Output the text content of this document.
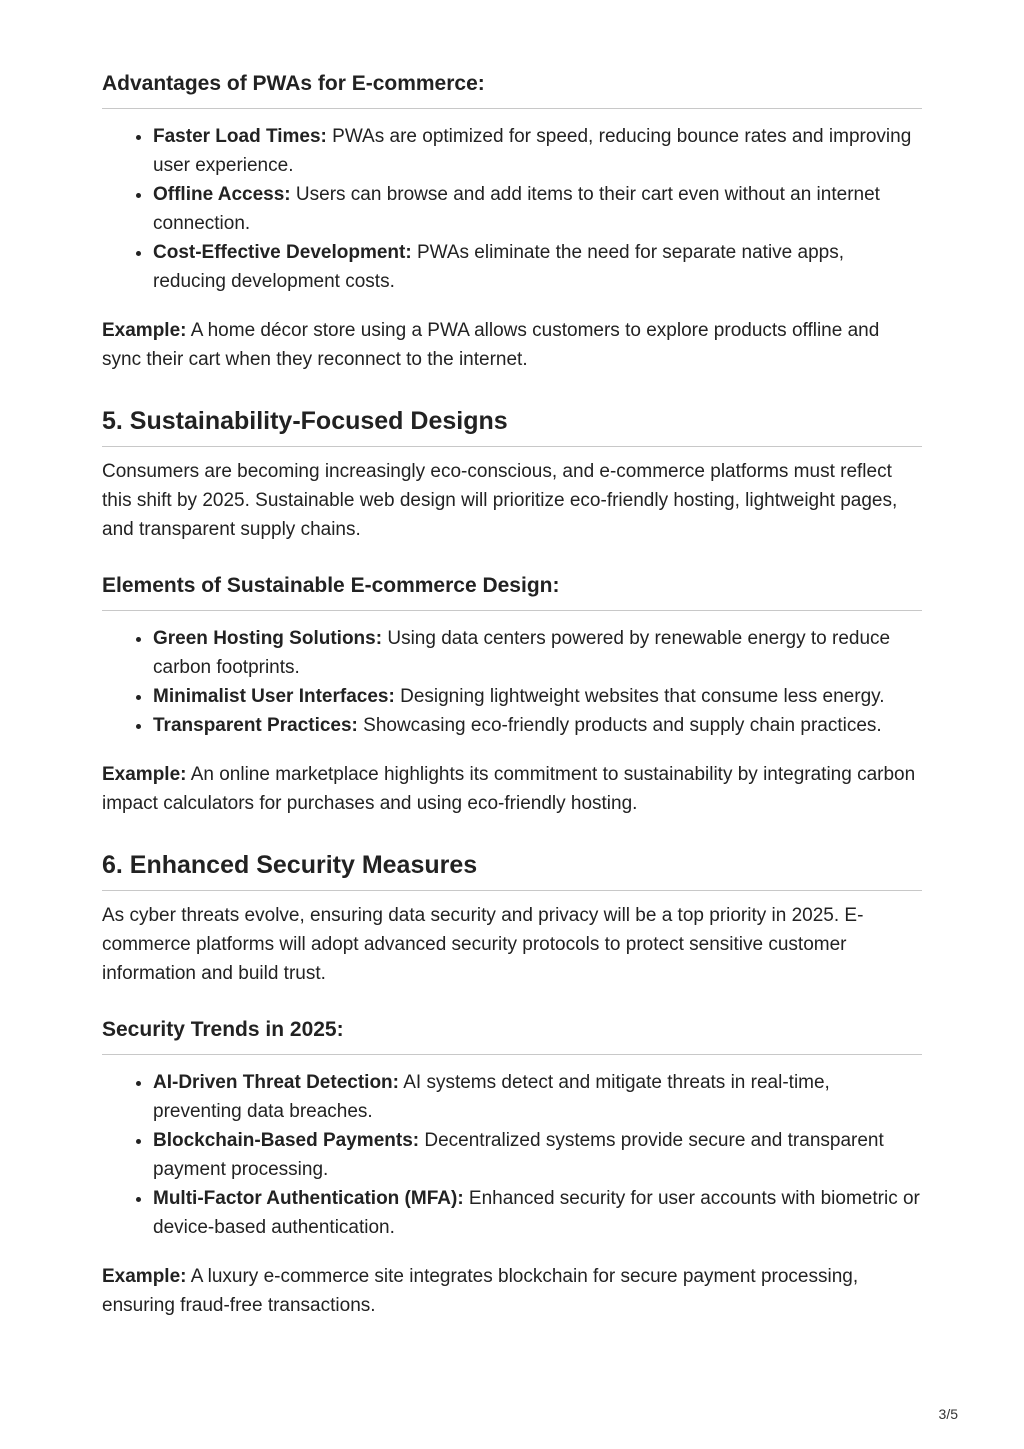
Advantages of PWAs for E-commerce:
• Faster Load Times: PWAs are optimized for speed, reducing bounce rates and improving user experience.
• Offline Access: Users can browse and add items to their cart even without an internet connection.
• Cost-Effective Development: PWAs eliminate the need for separate native apps, reducing development costs.

Example: A home décor store using a PWA allows customers to explore products offline and sync their cart when they reconnect to the internet.

5. Sustainability-Focused Designs

Consumers are becoming increasingly eco-conscious, and e-commerce platforms must reflect this shift by 2025. Sustainable web design will prioritize eco-friendly hosting, lightweight pages, and transparent supply chains.

Elements of Sustainable E-commerce Design:
• Green Hosting Solutions: Using data centers powered by renewable energy to reduce carbon footprints.
• Minimalist User Interfaces: Designing lightweight websites that consume less energy.
• Transparent Practices: Showcasing eco-friendly products and supply chain practices.

Example: An online marketplace highlights its commitment to sustainability by integrating carbon impact calculators for purchases and using eco-friendly hosting.

6. Enhanced Security Measures

As cyber threats evolve, ensuring data security and privacy will be a top priority in 2025. E-commerce platforms will adopt advanced security protocols to protect sensitive customer information and build trust.

Security Trends in 2025:
• AI-Driven Threat Detection: AI systems detect and mitigate threats in real-time, preventing data breaches.
• Blockchain-Based Payments: Decentralized systems provide secure and transparent payment processing.
• Multi-Factor Authentication (MFA): Enhanced security for user accounts with biometric or device-based authentication.

Example: A luxury e-commerce site integrates blockchain for secure payment processing, ensuring fraud-free transactions.

3/5
